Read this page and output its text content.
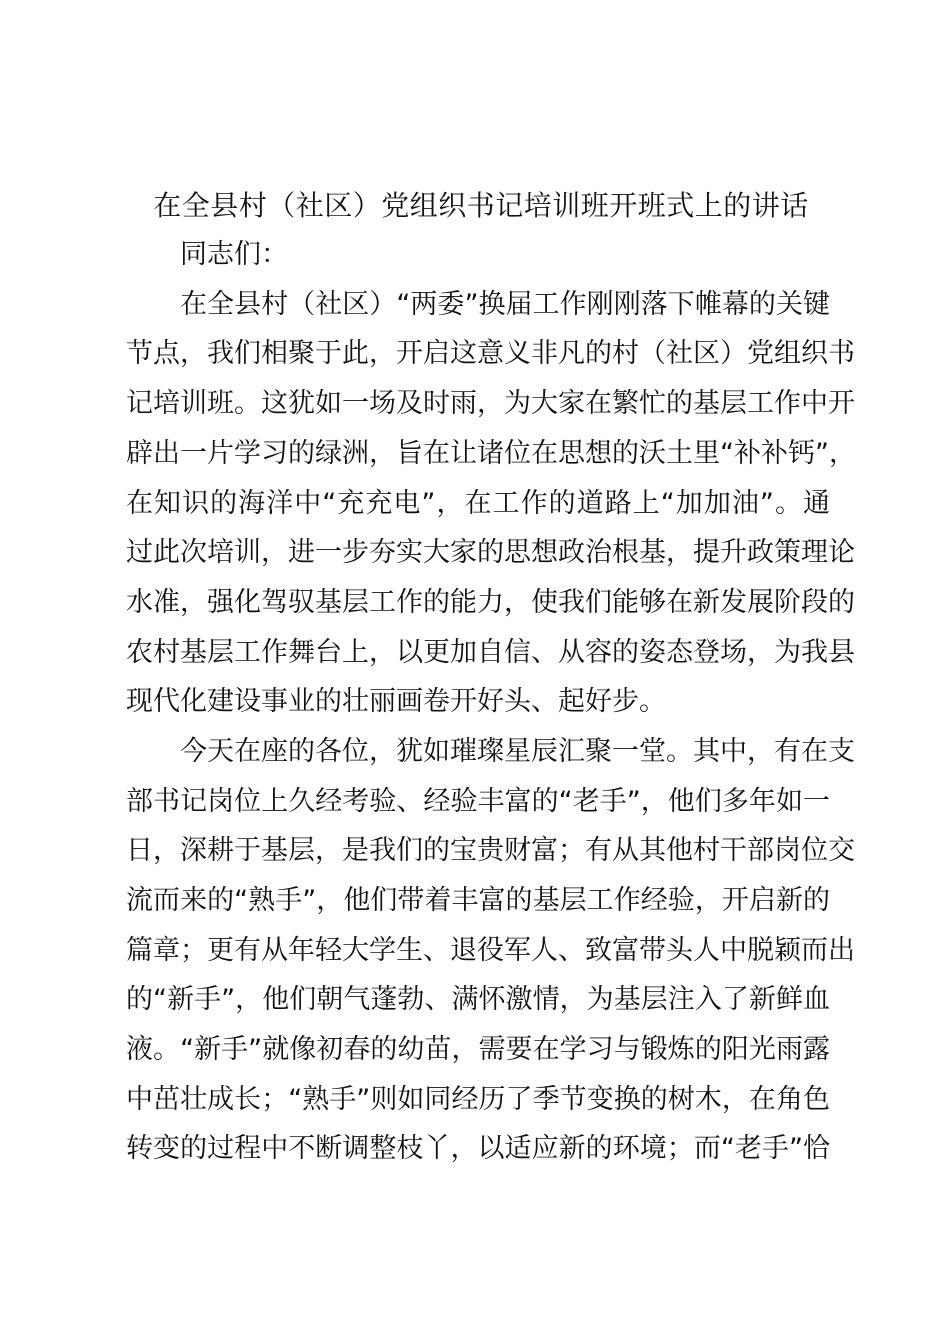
在全县村（社区）党组织书记培训班开班式上的讲话
同志们：
在全县村（社区）“两委”换届工作刚刚落下帷幕的关键
节点，我们相聚于此，开启这意义非凡的村（社区）党组织书
记培训班。这犹如一场及时雨，为大家在繁忙的基层工作中开
辟出一片学习的绿洲，旨在让诸位在思想的沃土里“补补钙”，
在知识的海洋中“充充电”，在工作的道路上“加加油”。通
过此次培训，进一步夯实大家的思想政治根基，提升政策理论
水准，强化驾驭基层工作的能力，使我们能够在新发展阶段的
农村基层工作舞台上，以更加自信、从容的姿态登场，为我县
现代化建设事业的壮丽画卷开好头、起好步。
今天在座的各位，犹如璀璨星辰汇聚一堂。其中，有在支
部书记岗位上久经考验、经验丰富的“老手”，他们多年如一
日，深耕于基层，是我们的宝贵财富；有从其他村干部岗位交
流而来的“熟手”，他们带着丰富的基层工作经验，开启新的
篇章；更有从年轻大学生、退役军人、致富带头人中脱颖而出
的“新手”，他们朝气蓬勃、满怀激情，为基层注入了新鲜血
液。“新手”就像初春的幼苗，需要在学习与锻炼的阳光雨露
中茁壮成长；“熟手”则如同经历了季节变换的树木，在角色
转变的过程中不断调整枝丫，以适应新的环境；而“老手”恰
